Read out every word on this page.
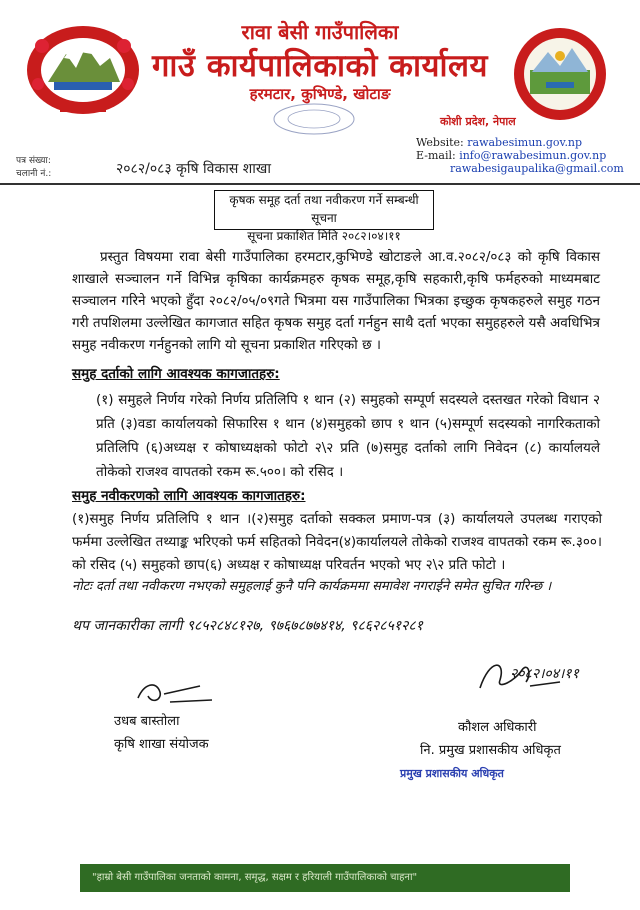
रावा बेसी गाउँपालिका
गाउँ कार्यपालिकाको कार्यालय
हरमटार, कुभिण्डे, खोटाङ
कोशी प्रदेश, नेपाल
Website: rawabesimun.gov.np
E-mail: info@rawabesimun.gov.np
rawabesigaupalika@gmail.com
पत्र संख्या:
चलानी नं.:	२०८२/०८३ कृषि विकास शाखा
कृषक समूह दर्ता तथा नवीकरण गर्ने सम्बन्धी सूचना
सूचना प्रकाशित मिति २०८२।०४।११
प्रस्तुत विषयमा रावा बेसी गाउँपालिका हरमटार,कुभिण्डे खोटाङले आ.व.२०८२/०८३ को कृषि विकास शाखाले सञ्चालन गर्ने विभिन्न कृषिका कार्यक्रमहरु कृषक समूह,कृषि सहकारी,कृषि फर्महरुको माध्यमबाट सञ्चालन गरिने भएको हुँदा २०८२/०५/०९गते भित्रमा यस गाउँपालिका भित्रका इच्छुक कृषकहरुले समुह गठन गरी तपशिलमा उल्लेखित कागजात सहित कृषक समुह दर्ता गर्नहुन साथै दर्ता भएका समुहहरुले यसै अवधिभित्र समुह नवीकरण गर्नहुनको लागि यो सूचना प्रकाशित गरिएको छ ।
समुह दर्ताको लागि आवश्यक कागजातहरु:
(१) समुहले निर्णय गरेको निर्णय प्रतिलिपि १ थान (२) समुहको सम्पूर्ण सदस्यले दस्तखत गरेको विधान २ प्रति (३)वडा कार्यालयको सिफारिस १ थान (४)समुहको छाप १ थान (५)सम्पूर्ण सदस्यको नागरिकताको प्रतिलिपि (६)अध्यक्ष र कोषाध्यक्षको फोटो २\२ प्रति (७)समुह दर्ताको लागि निवेदन (८) कार्यालयले तोकेको राजश्व वापतको रकम रू.५००। को रसिद ।
समुह नवीकरणको लागि आवश्यक कागजातहरु:
(१)समुह निर्णय प्रतिलिपि १ थान ।(२)समुह दर्ताको सक्कल प्रमाण-पत्र (३) कार्यालयले उपलब्ध गराएको फर्ममा उल्लेखित तथ्याङ्क भरिएको फर्म सहितको निवेदन(४)कार्यालयले तोकेको राजश्व वापतको रकम रू.३००। को रसिद (५) समुहको छाप(६) अध्यक्ष र कोषाध्यक्ष परिवर्तन भएको भए २\२ प्रति फोटो ।
नोटः दर्ता तथा नवीकरण नभएको समुहलाई कुनै पनि कार्यक्रममा समावेश नगराईने समेत सुचित गरिन्छ ।
थप जानकारीका लागी ९८५२८४८१२७, ९७६७८७७४१४, ९८६२८५१२८१
उधब बास्तोला
कृषि शाखा संयोजक
२०८२।०४।११
कौशल अधिकारी
नि. प्रमुख प्रशासकीय अधिकृत
प्रमुख प्रशासकीय अधिकृत
"हाम्रो बेसी गाउँपालिका जनताको कामना, समृद्ध, सक्षम र हरियाली गाउँपालिकाको चाहना"
